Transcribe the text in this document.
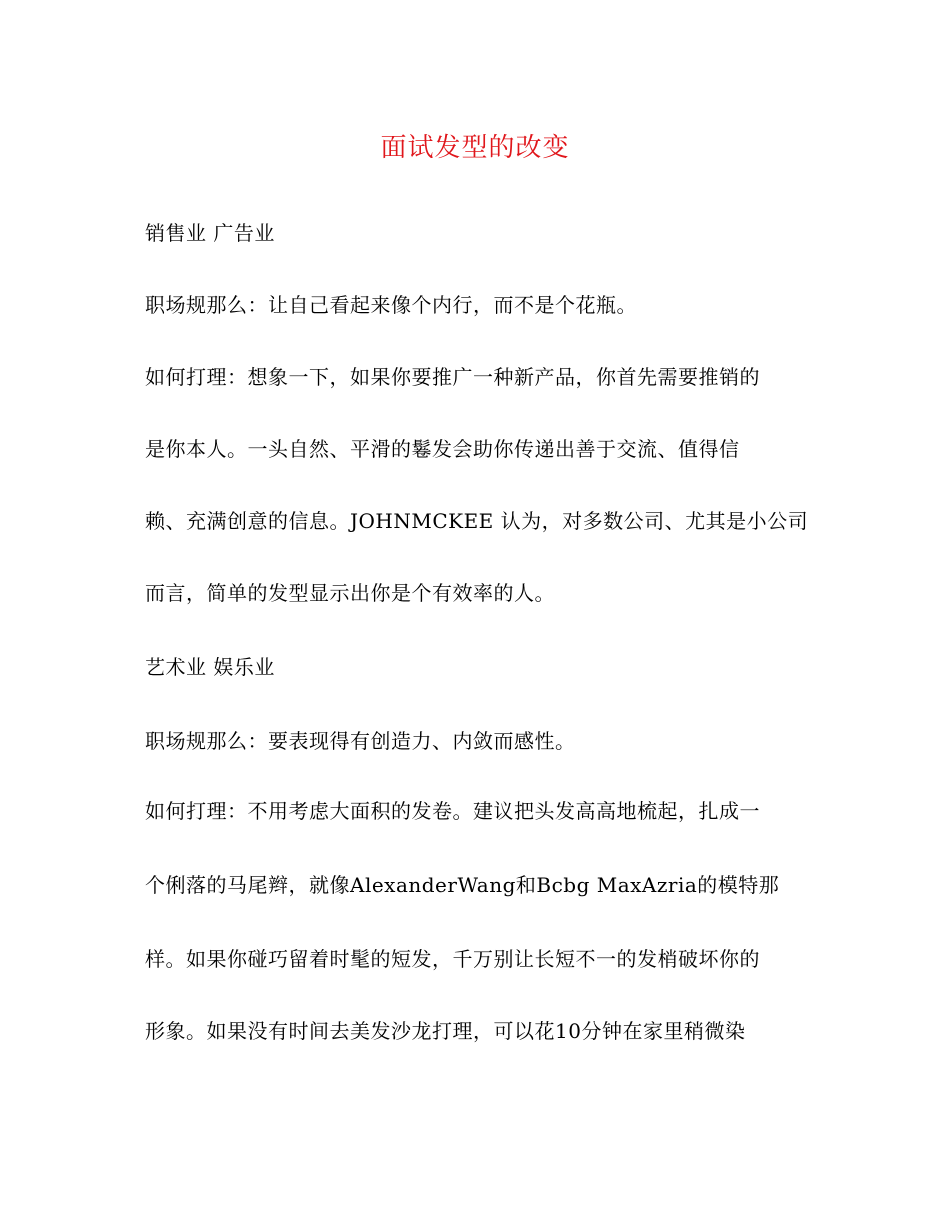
面试发型的改变
销售业 广告业
职场规那么：让自己看起来像个内行，而不是个花瓶。
如何打理：想象一下，如果你要推广一种新产品，你首先需要推销的
是你本人。一头自然、平滑的鬈发会助你传递出善于交流、值得信
赖、充满创意的信息。JOHNMCKEE 认为，对多数公司、尤其是小公司
而言，简单的发型显示出你是个有效率的人。
艺术业 娱乐业
职场规那么：要表现得有创造力、内敛而感性。
如何打理：不用考虑大面积的发卷。建议把头发高高地梳起，扎成一
个俐落的马尾辫，就像AlexanderWang和Bcbg MaxAzria的模特那
样。如果你碰巧留着时髦的短发，千万别让长短不一的发梢破坏你的
形象。如果没有时间去美发沙龙打理，可以花10分钟在家里稍微染
